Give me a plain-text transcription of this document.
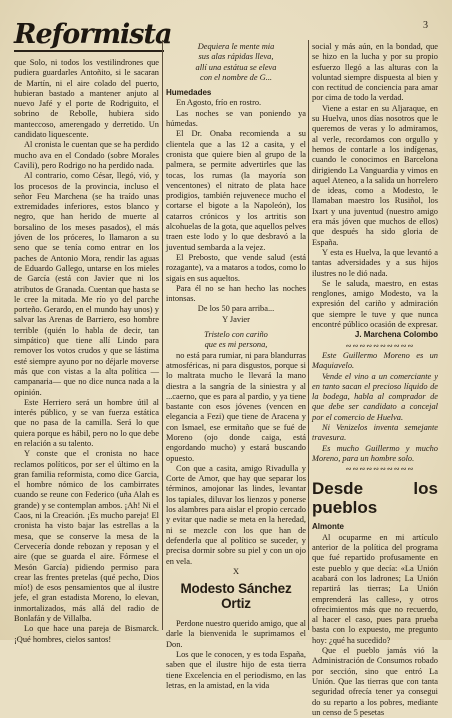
Reformista	3

que Solo, ni todos los vestilindrones que pudiera guardarles Antoñito, si le sacaran de Martín, ni el aire colado del puerto, hubieran bastado a mantener anjuto al nuevo Jafé y el porte de Rodriguito, el sobrino de Rebolle, hubiera sido manteccoso, amerengado y derretido. Un candidato liquescente.

Al cronista le cuentan que se ha perdido mucho ava en el Condado (sobre Morales Cavili), pero Rodrigo no ha perdido nada.

Al contrario, como César, llegó, vió, y los procesos de la provincia, incluso el señor Feu Marchena (se ha traído unas extremidades inferiores, estos blanco y negro, que han herido de muerte al borsalino de los meses pasados), el más jóven de los próceres, lo llamaron a su seno que se tenía como entrar en los paches de Antonio Mora, rendir las aguas de Eduardo Gallego, untarse en los mieles de García (está con Javier que ni los atributos de Granada. Cuentan que hasta se le cree la mitada. Me río yo del parche porteño. Gerardo, en el mundo hay unos) y salvar las Arenas de Barriero, eso hombre terrible (quién lo habla de decir, tan simpático) que tiene allí Lindo para remover los votos crudos y que se lástima esté siempre ayuno por no déjarle moverse más que con vistas a la alta política —campanaria— que no dice nunca nada a la opinión.

Este Herriero será un hombre útil al interés público, y se van fuerza estática que no pasa de la camilla. Será lo que quiera porque es hábil, pero no lo que debe en relación a su talento.

Y conste que el cronista no hace reclamos políticos, por ser el último en la gran familia reformista, como dice Garcia, el hombre nómico de los cambirrates cuando se reune con Federico (uña Alah es grande) y se contemplan ambos. ¡Ah! Ni el Caos, ni la Creación. ¡Es mucho pareja! El cronista ha visto bajar las estrellas a la mesa, que se conserve la mesa de la Cervecería donde rebozan y reposan y el aire (que se guarda el aire. Fórmese el Mesón García) pidiendo permiso para crear las frentes pretelas (qué pecho, Dios mío!) de esos pensamientos que al ilustre jefe, el gran estadista Moreno, lo elevan, inmortalizados, más allá del radio de Bonlafán y de Villalba.

Lo que hace una pareja de Bismarck. ¡Qué hombres, cielos santos!

Dequiera le mente mia

sus alas rápidas lleva,

allí una estátua se eleva

con el nombre de G...

Humedades

En Agosto, frío en rostro.

Las noches se van poniendo ya húmedas.

El Dr. Onaba recomienda a su clientela que a las 12 a casita, y el cronista que quiere bien al grupo de la palmera, se permite advertirles que las tocas, los rumas (la mayoría son vencentones) el nitrato de plata hace prodigios, también rejuvenece mucho el cortarse el bigote a la Napoleón), los catarros crónicos y los artritis son alcohuelas de la gota, que aquellos pelves traen este lodo y lo que desbravó a la juventud sembarda a la vejez.

El Prebosto, que vende salud (está rozagante), va a mataros a todos, como lo sigais en sus aqueltos.

Para él no se han hecho las noches intonsas.

De los 50 para arriba...

Y Javier

Tristelo con cariño

que es mi persona,

no está para rumiar, ni para blandurras atmosféricas, ni para disgustos, porque si lo maltrata mucho le llevará la mano diestra a la sangría de la siniestra y al ...caerno, que es para al pardio, y ya tiene bastante con esos jóvenes (vencen en elegancia a Fezi) que tiene de Aracena y con Ismael, ese ermitaño que se fué de Moreno (ojo donde caiga, está engordando mucho) y estará buscando opuesto.

Con que a casita, amigo Rivadulla y Corte de Amor, que hay que separar los términos, amojonar las lindes, levantar los tapiales, diluvar los lienzos y ponerse los alambres para aislar el propio cercado y evitar que nadie se meta en la heredad, ni se mezcle con los que han de defenderla que al político se suceder, y precisa dormir sobre su piel y con un ojo en vela.

X

Modesto Sánchez Ortiz

Perdone nuestro querido amigo, que al darle la bienvenida le suprimamos el Don.

Los que le conocen, y es toda España, saben que el ilustre hijo de esta tierra tiene Excelencia en el periodismo, en las letras, en la amistad, en la vida

social y más aún, en la bondad, que se hizo en la lucha y por su propio esfuerzo llegó a las alturas con la voluntad siempre dispuesta al bien y con rectitud de conciencia para amar por cima de todo la verdad.

Viene a estar en su Aljaraque, en su Huelva, unos días nosotros que le queremos de veras y lo admiramos, al verle, recordamos con orgullo y hemos de contarle a los indígenas, cuando le conocimos en Barcelona dirigiendo La Vanguardia y vimos en aquel Ateneo, a la salida un horrelero de ideas, como a Modesto, le llamaban maestro los Rusiñol, los Ixart y una juventud (nuestro amigo era más jóven que muchos de ellos) que después ha sido gloria de España.

Y esta es Huelva, la que levantó a tantas adversidades y a sus hijos ilustres no le dió nada.

Se le saluda, maestro, en estas renglones, amigo Modesto, va la expresión del cariño y admiración que siempre le tuve y que nunca encontré público ocasión de expresar.

J. Marchena Colombo

∾∾∾∾∾∾∾∾∾∾

Este Guillermo Moreno es un Maquiavelo.

Vende el vino a un comerciante y en tanto sacan el precioso líquido de la bodega, habla al comprador de que debe ser candidato a concejal por el comercio de Huelva.

Ni Venizelos inventa semejante travesura.

Es mucho Guillermo y mucho Moreno, para un hombre solo.

∾∾∾∾∾∾∾∾∾∾

Desde los pueblos

Almonte

Al ocuparme en mi artículo anterior de la política del programa que fué repartido profusamente en este pueblo y que decía: «La Unión acabará con los ladrones; La Unión repartirá las tierras; La Unión emprenderá las calles», y otros ofrecimientos más que no recuerdo, al hacer el caso, pues para prueba basta con lo expuesto, me pregunto hoy: ¿qué ha sucedido?

Que el pueblo jamás vió la Administración de Consumos robado por sección, sino que entró La Unión. Que las tierras que con tanta seguridad ofrecía tener ya consegui do su reparto a los pobres, mediante un censo de 5 pesetas
